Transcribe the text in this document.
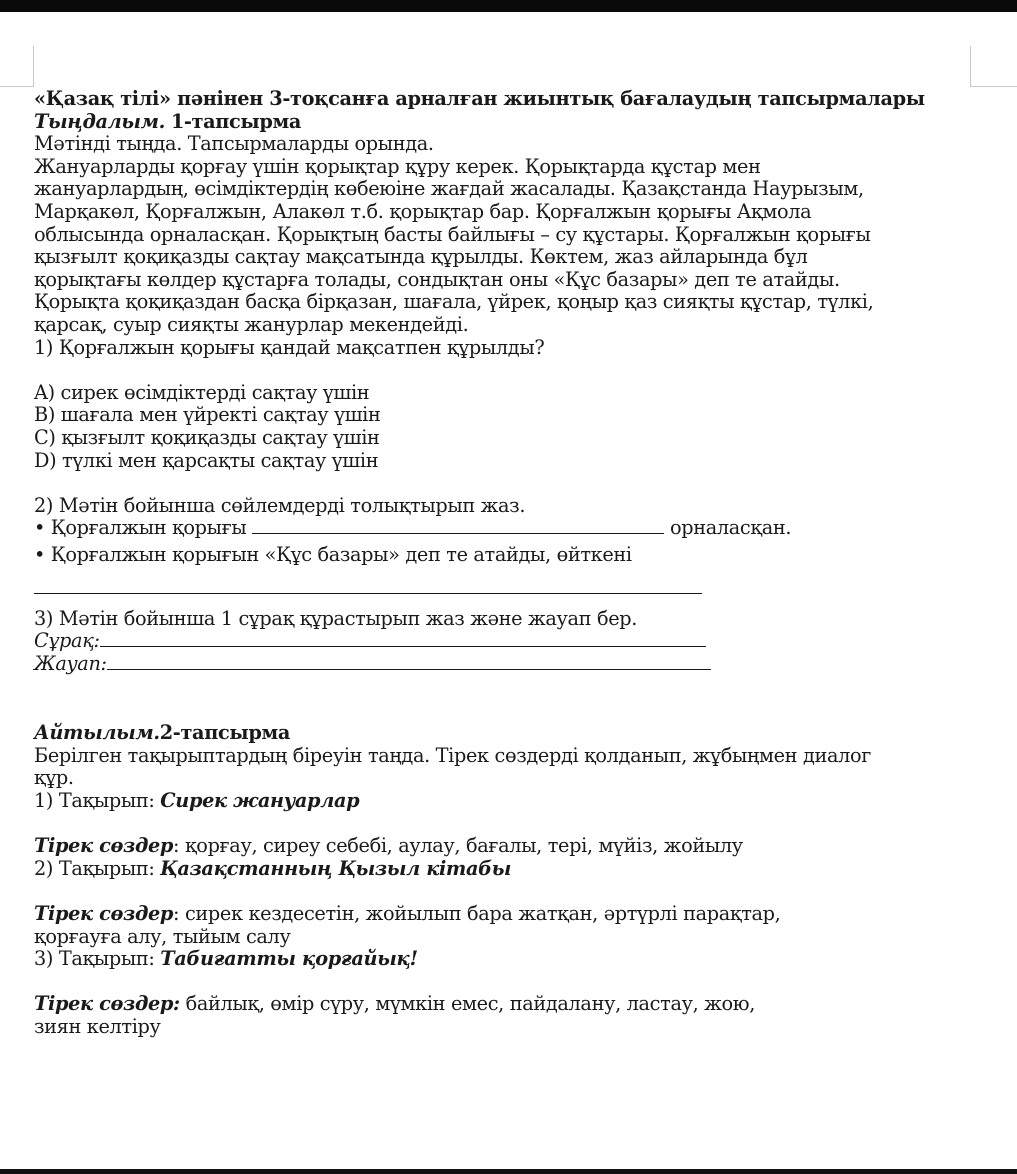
«Қазақ тілі» пәнінен 3-тоқсанға арналған жиынтық бағалаудың тапсырмалары
Тыңдалым. 1-тапсырма
Мәтінді тыңда. Тапсырмаларды орында.
Жануарларды қорғау үшін қорықтар құру керек. Қорықтарда құстар мен
жануарлардың, өсімдіктердің көбеюіне жағдай жасалады. Қазақстанда Наурызым,
Марқакөл, Қорғалжын, Алакөл т.б. қорықтар бар. Қорғалжын қорығы Ақмола
облысында орналасқан. Қорықтың басты байлығы – су құстары. Қорғалжын қорығы
қызғылт қоқиқазды сақтау мақсатында құрылды. Көктем, жаз айларында бұл
қорықтағы көлдер құстарға толады, сондықтан оны «Құс базары» деп те атайды.
Қорықта қоқиқаздан басқа бірқазан, шағала, үйрек, қоңыр қаз сияқты құстар, түлкі,
қарсақ, суыр сияқты жанурлар мекендейді.
1) Қорғалжын қорығы қандай мақсатпен құрылды?
A) сирек өсімдіктерді сақтау үшін
B) шағала мен үйректі сақтау үшін
C) қызғылт қоқиқазды сақтау үшін
D) түлкі мен қарсақты сақтау үшін
2) Мәтін бойынша сөйлемдерді толықтырып жаз.
• Қорғалжын қорығы	орналасқан.
• Қорғалжын қорығын «Құс базары» деп те атайды, өйткені
3) Мәтін бойынша 1 сұрақ құрастырып жаз және жауап бер.
Сұрақ:
Жауап:
Айтылым.2-тапсырма
Берілген тақырыптардың біреуін таңда. Тірек сөздерді қолданып, жұбыңмен диалог
құр.
1) Тақырып: Сирек жануарлар
Тірек сөздер: қорғау, сиреу себебі, аулау, бағалы, тері, мүйіз, жойылу
2) Тақырып: Қазақстанның Қызыл кітабы
Тірек сөздер: сирек кездесетін, жойылып бара жатқан, әртүрлі парақтар,
қорғауға алу, тыйым салу
3) Тақырып: Табиғатты қорғайық!
Тірек сөздер: байлық, өмір сүру, мүмкін емес, пайдалану, ластау, жою,
зиян келтіру
